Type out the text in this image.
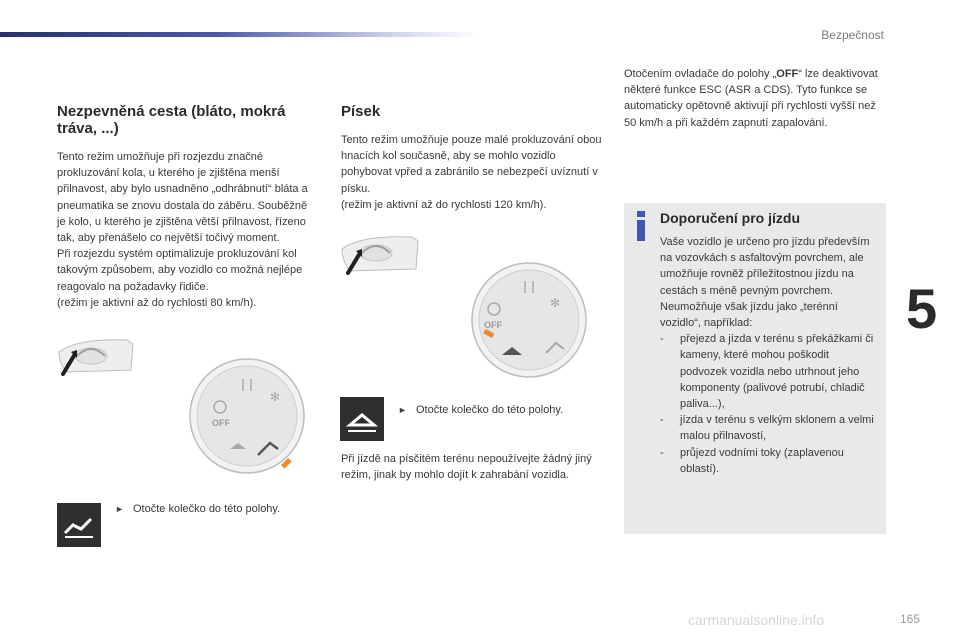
Bezpečnost
5
165
carmanualsonline.info
Nezpevněná cesta (bláto, mokrá tráva, ...)

Tento režim umožňuje při rozjezdu značné prokluzování kola, u kterého je zjištěna menší přilnavost, aby bylo usnadněno „odhrábnutí“ bláta a pneumatika se znovu dostala do záběru. Souběžně je kolo, u kterého je zjištěna větší přilnavost, řízeno tak, aby přenášelo co největší točivý moment.

Při rozjezdu systém optimalizuje prokluzování kol takovým způsobem, aby vozidlo co možná nejlépe reagovalo na požadavky řidiče.

(režim je aktivní až do rychlosti 80 km/h).

OFF
✻
► Otočte kolečko do této polohy.
Písek

Tento režim umožňuje pouze malé prokluzování obou hnacích kol současně, aby se mohlo vozidlo pohybovat vpřed a zabránilo se nebezpečí uvíznutí v písku.

(režim je aktivní až do rychlosti 120 km/h).

OFF
✻
► Otočte kolečko do této polohy.
Při jízdě na písčitém terénu nepoužívejte žádný jiný režim, jinak by mohlo dojít k zahrabání vozidla.

Otočením ovladače do polohy „OFF“ lze deaktivovat některé funkce ESC (ASR a CDS). Tyto funkce se automaticky opětovně aktivují při rychlosti vyšší než 50 km/h a při každém zapnutí zapalování.

Doporučení pro jízdu

Vaše vozidlo je určeno pro jízdu především na vozovkách s asfaltovým povrchem, ale umožňuje rovněž příležitostnou jízdu na cestách s méně pevným povrchem.

Neumožňuje však jízdu jako „terénní vozidlo“, například:

-	přejezd a jízda v terénu s překážkami či kameny, které mohou poškodit podvozek vozidla nebo utrhnout jeho komponenty (palivové potrubí, chladič paliva...),
-	jízda v terénu s velkým sklonem a velmi malou přilnavostí,
-	průjezd vodními toky (zaplavenou oblastí).
